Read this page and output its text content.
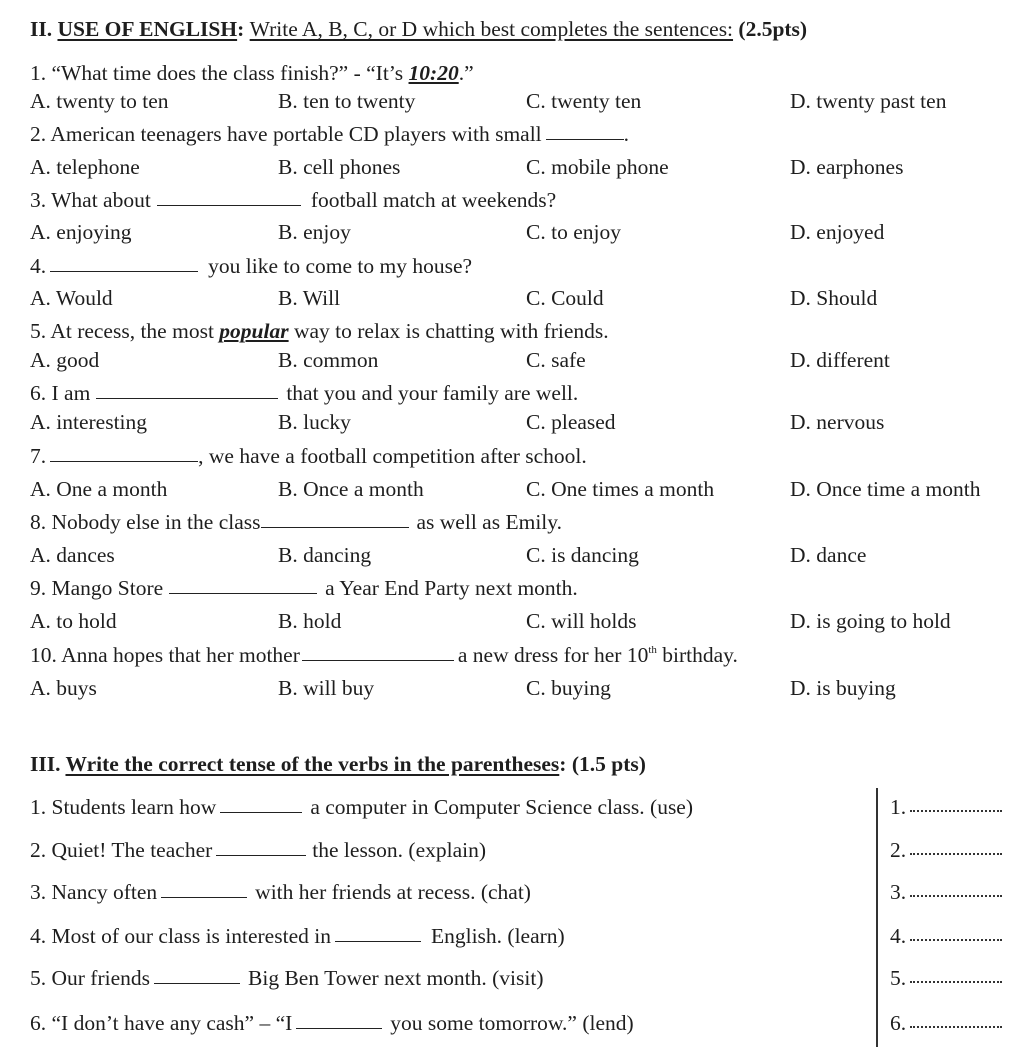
II. USE OF ENGLISH: Write A, B, C, or D which best completes the sentences: (2.5pts)
1. “What time does the class finish?” - “It’s 10:20.”
A. twenty to ten	B. ten to twenty	C. twenty ten	D. twenty past ten
2. American teenagers have portable CD players with small	.
A. telephone	B. cell phones	C. mobile phone	D. earphones
3. What about	football match at weekends?
A. enjoying	B. enjoy	C. to enjoy	D. enjoyed
4.	you like to come to my house?
A. Would	B. Will	C. Could	D. Should
5. At recess, the most popular way to relax is chatting with friends.
A. good	B. common	C. safe	D. different
6. I am	that you and your family are well.
A. interesting	B. lucky	C. pleased	D. nervous
7.	, we have a football competition after school.
A. One a month	B. Once a month	C. One times a month	D. Once time a month
8. Nobody else in the class	as well as Emily.
A. dances	B. dancing	C. is dancing	D. dance
9. Mango Store	a Year End Party next month.
A. to hold	B. hold	C. will holds	D. is going to hold
10. Anna hopes that her mother	a new dress for her 10th birthday.
A. buys	B. will buy	C. buying	D. is buying
III. Write the correct tense of the verbs in the parentheses: (1.5 pts)
1. Students learn how	a computer in Computer Science class. (use)	1.
2. Quiet! The teacher	the lesson. (explain)	2.
3. Nancy often	with her friends at recess. (chat)	3.
4. Most of our class is interested in	English. (learn)	4.
5. Our friends	Big Ben Tower next month. (visit)	5.
6. “I don’t have any cash” – “I	you some tomorrow.” (lend)	6.
